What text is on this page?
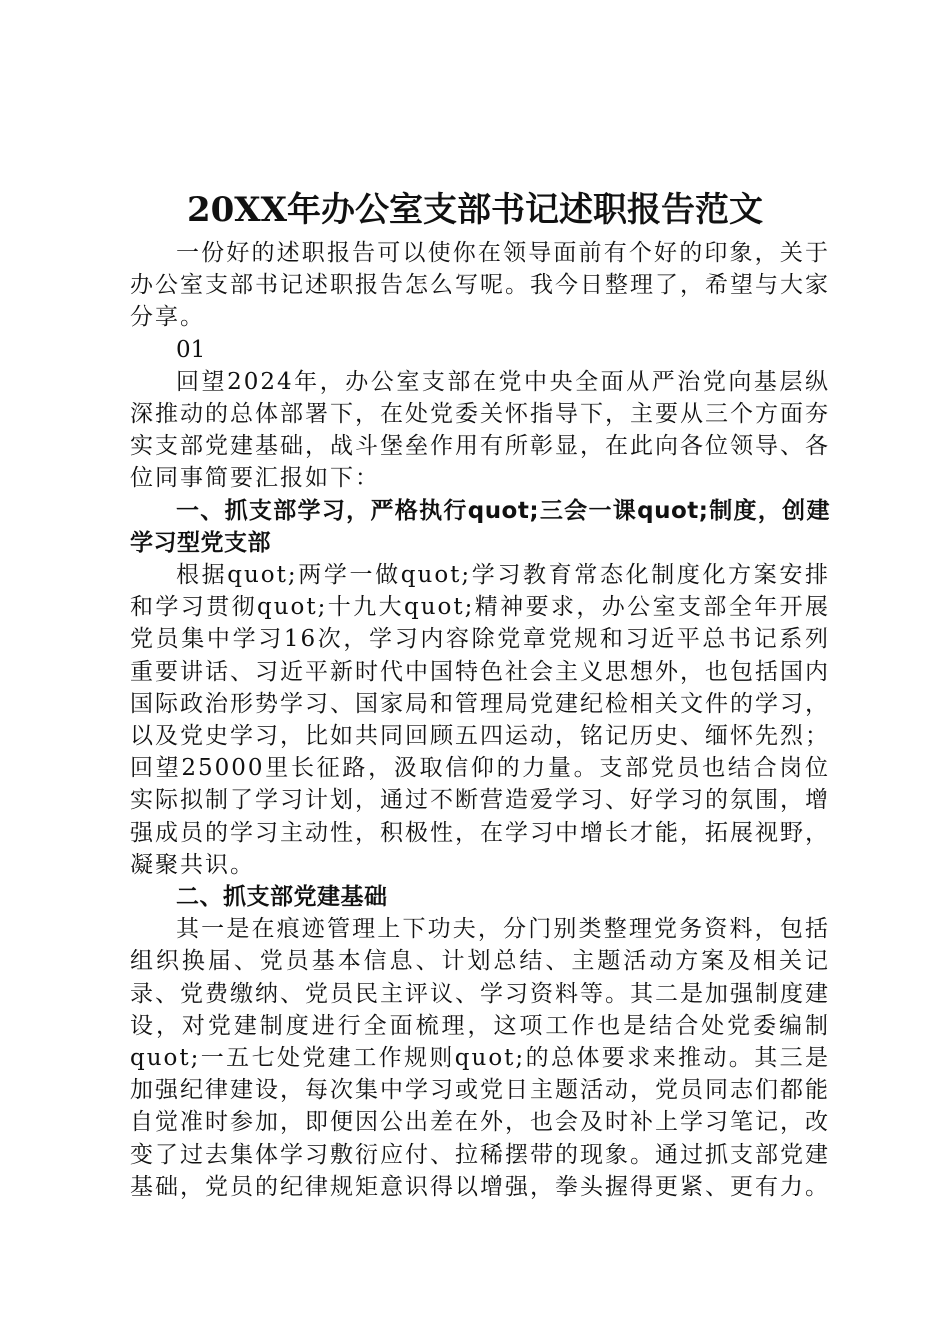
20XX年办公室支部书记述职报告范文

一份好的述职报告可以使你在领导面前有个好的印象，关于办公室支部书记述职报告怎么写呢。我今日整理了，希望与大家分享。

01

回望2024年，办公室支部在党中央全面从严治党向基层纵深推动的总体部署下，在处党委关怀指导下，主要从三个方面夯实支部党建基础，战斗堡垒作用有所彰显，在此向各位领导、各位同事简要汇报如下：

一、抓支部学习，严格执行quot;三会一课quot;制度，创建学习型党支部

根据quot;两学一做quot;学习教育常态化制度化方案安排和学习贯彻quot;十九大quot;精神要求，办公室支部全年开展党员集中学习16次，学习内容除党章党规和习近平总书记系列重要讲话、习近平新时代中国特色社会主义思想外，也包括国内国际政治形势学习、国家局和管理局党建纪检相关文件的学习，以及党史学习，比如共同回顾五四运动，铭记历史、缅怀先烈；回望25000里长征路，汲取信仰的力量。支部党员也结合岗位实际拟制了学习计划，通过不断营造爱学习、好学习的氛围，增强成员的学习主动性，积极性，在学习中增长才能，拓展视野，凝聚共识。

二、抓支部党建基础

其一是在痕迹管理上下功夫，分门别类整理党务资料，包括组织换届、党员基本信息、计划总结、主题活动方案及相关记录、党费缴纳、党员民主评议、学习资料等。其二是加强制度建设，对党建制度进行全面梳理，这项工作也是结合处党委编制quot;一五七处党建工作规则quot;的总体要求来推动。其三是加强纪律建设，每次集中学习或党日主题活动，党员同志们都能自觉准时参加，即便因公出差在外，也会及时补上学习笔记，改变了过去集体学习敷衍应付、拉稀摆带的现象。通过抓支部党建基础，党员的纪律规矩意识得以增强，拳头握得更紧、更有力。
